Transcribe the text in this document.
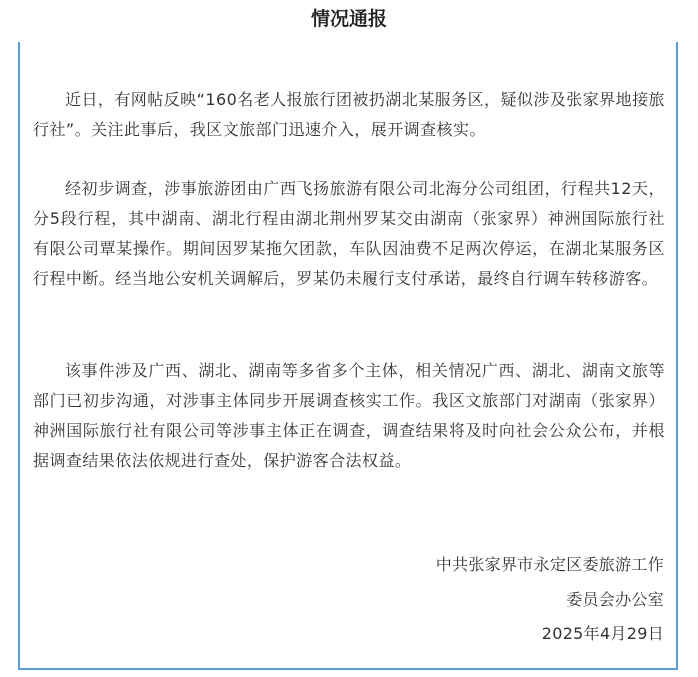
情况通报

近日，有网帖反映“160名老人报旅行团被扔湖北某服务区，疑似涉及张家界地接旅行社”。关注此事后，我区文旅部门迅速介入，展开调查核实。

经初步调查，涉事旅游团由广西飞扬旅游有限公司北海分公司组团，行程共12天，分5段行程，其中湖南、湖北行程由湖北荆州罗某交由湖南（张家界）神洲国际旅行社有限公司覃某操作。期间因罗某拖欠团款，车队因油费不足两次停运，在湖北某服务区行程中断。经当地公安机关调解后，罗某仍未履行支付承诺，最终自行调车转移游客。

该事件涉及广西、湖北、湖南等多省多个主体，相关情况广西、湖北、湖南文旅等部门已初步沟通，对涉事主体同步开展调查核实工作。我区文旅部门对湖南（张家界）神洲国际旅行社有限公司等涉事主体正在调查，调查结果将及时向社会公众公布，并根据调查结果依法依规进行查处，保护游客合法权益。

中共张家界市永定区委旅游工作
委员会办公室
2025年4月29日
